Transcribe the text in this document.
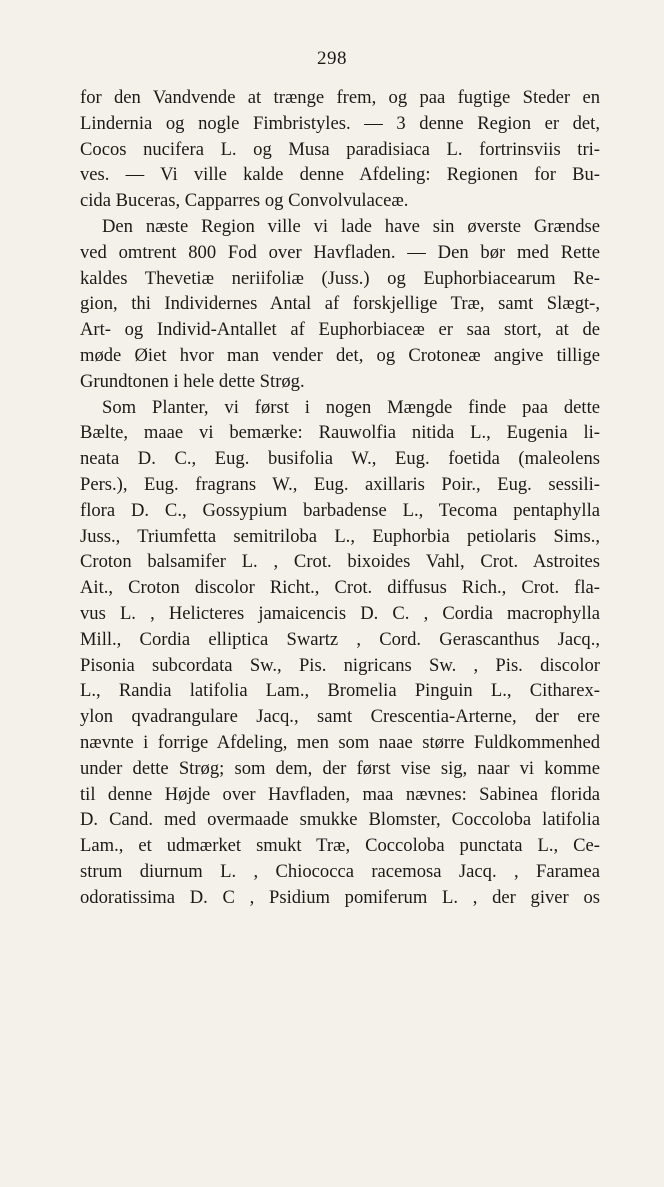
298
for den Vandvende at trænge frem, og paa fugtige Steder en
Lindernia og nogle Fimbristyles. — 3 denne Region er det,
Cocos nucifera L. og Musa paradisiaca L. fortrinsviis tri-
ves. — Vi ville kalde denne Afdeling: Regionen for Bu-
cida Buceras, Capparres og Convolvulaceæ.
Den næste Region ville vi lade have sin øverste Grændse
ved omtrent 800 Fod over Havfladen. — Den bør med Rette
kaldes Thevetiæ neriifoliæ (Juss.) og Euphorbiacearum Re-
gion, thi Individernes Antal af forskjellige Træ, samt Slægt-,
Art- og Individ-Antallet af Euphorbiaceæ er saa stort, at de
møde Øiet hvor man vender det, og Crotoneæ angive tillige
Grundtonen i hele dette Strøg.
Som Planter, vi først i nogen Mængde finde paa dette
Bælte, maae vi bemærke: Rauwolfia nitida L., Eugenia li-
neata D. C., Eug. busifolia W., Eug. foetida (maleolens
Pers.), Eug. fragrans W., Eug. axillaris Poir., Eug. sessili-
flora D. C., Gossypium barbadense L., Tecoma pentaphylla
Juss., Triumfetta semitriloba L., Euphorbia petiolaris Sims.,
Croton balsamifer L. , Crot. bixoides Vahl, Crot. Astroites
Ait., Croton discolor Richt., Crot. diffusus Rich., Crot. fla-
vus L. , Helicteres jamaicencis D. C. , Cordia macrophylla
Mill., Cordia elliptica Swartz , Cord. Gerascanthus Jacq.,
Pisonia subcordata Sw., Pis. nigricans Sw. , Pis. discolor
L., Randia latifolia Lam., Bromelia Pinguin L., Citharex-
ylon qvadrangulare Jacq., samt Crescentia-Arterne, der ere
nævnte i forrige Afdeling, men som naae større Fuldkommenhed
under dette Strøg; som dem, der først vise sig, naar vi komme
til denne Højde over Havfladen, maa nævnes: Sabinea florida
D. Cand. med overmaade smukke Blomster, Coccoloba latifolia
Lam., et udmærket smukt Træ, Coccoloba punctata L., Ce-
strum diurnum L. , Chiococca racemosa Jacq. , Faramea
odoratissima D. C , Psidium pomiferum L. , der giver os
